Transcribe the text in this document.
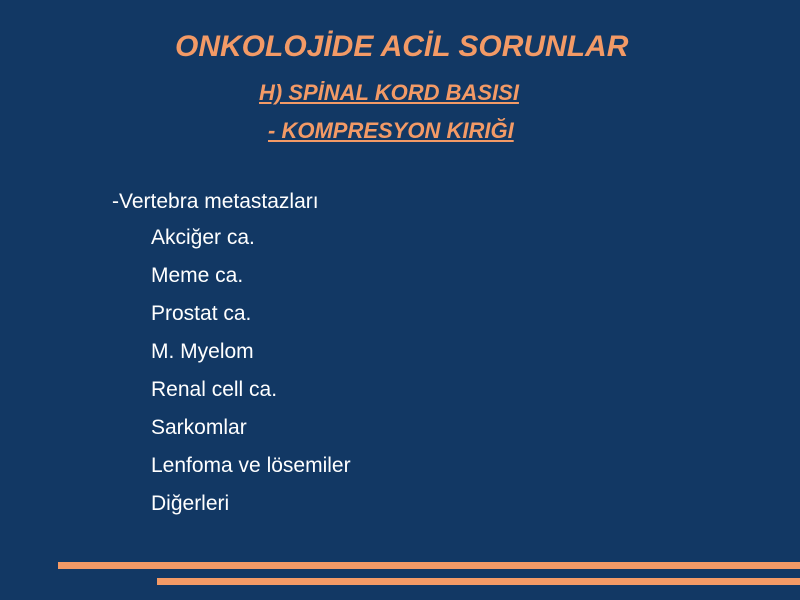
ONKOLOJİDE ACİL SORUNLAR
H) SPİNAL KORD BASISI
- KOMPRESYON KIRIĞI
-Vertebra metastazları
Akciğer ca.
Meme ca.
Prostat ca.
M. Myelom
Renal cell ca.
Sarkomlar
Lenfoma ve lösemiler
Diğerleri
